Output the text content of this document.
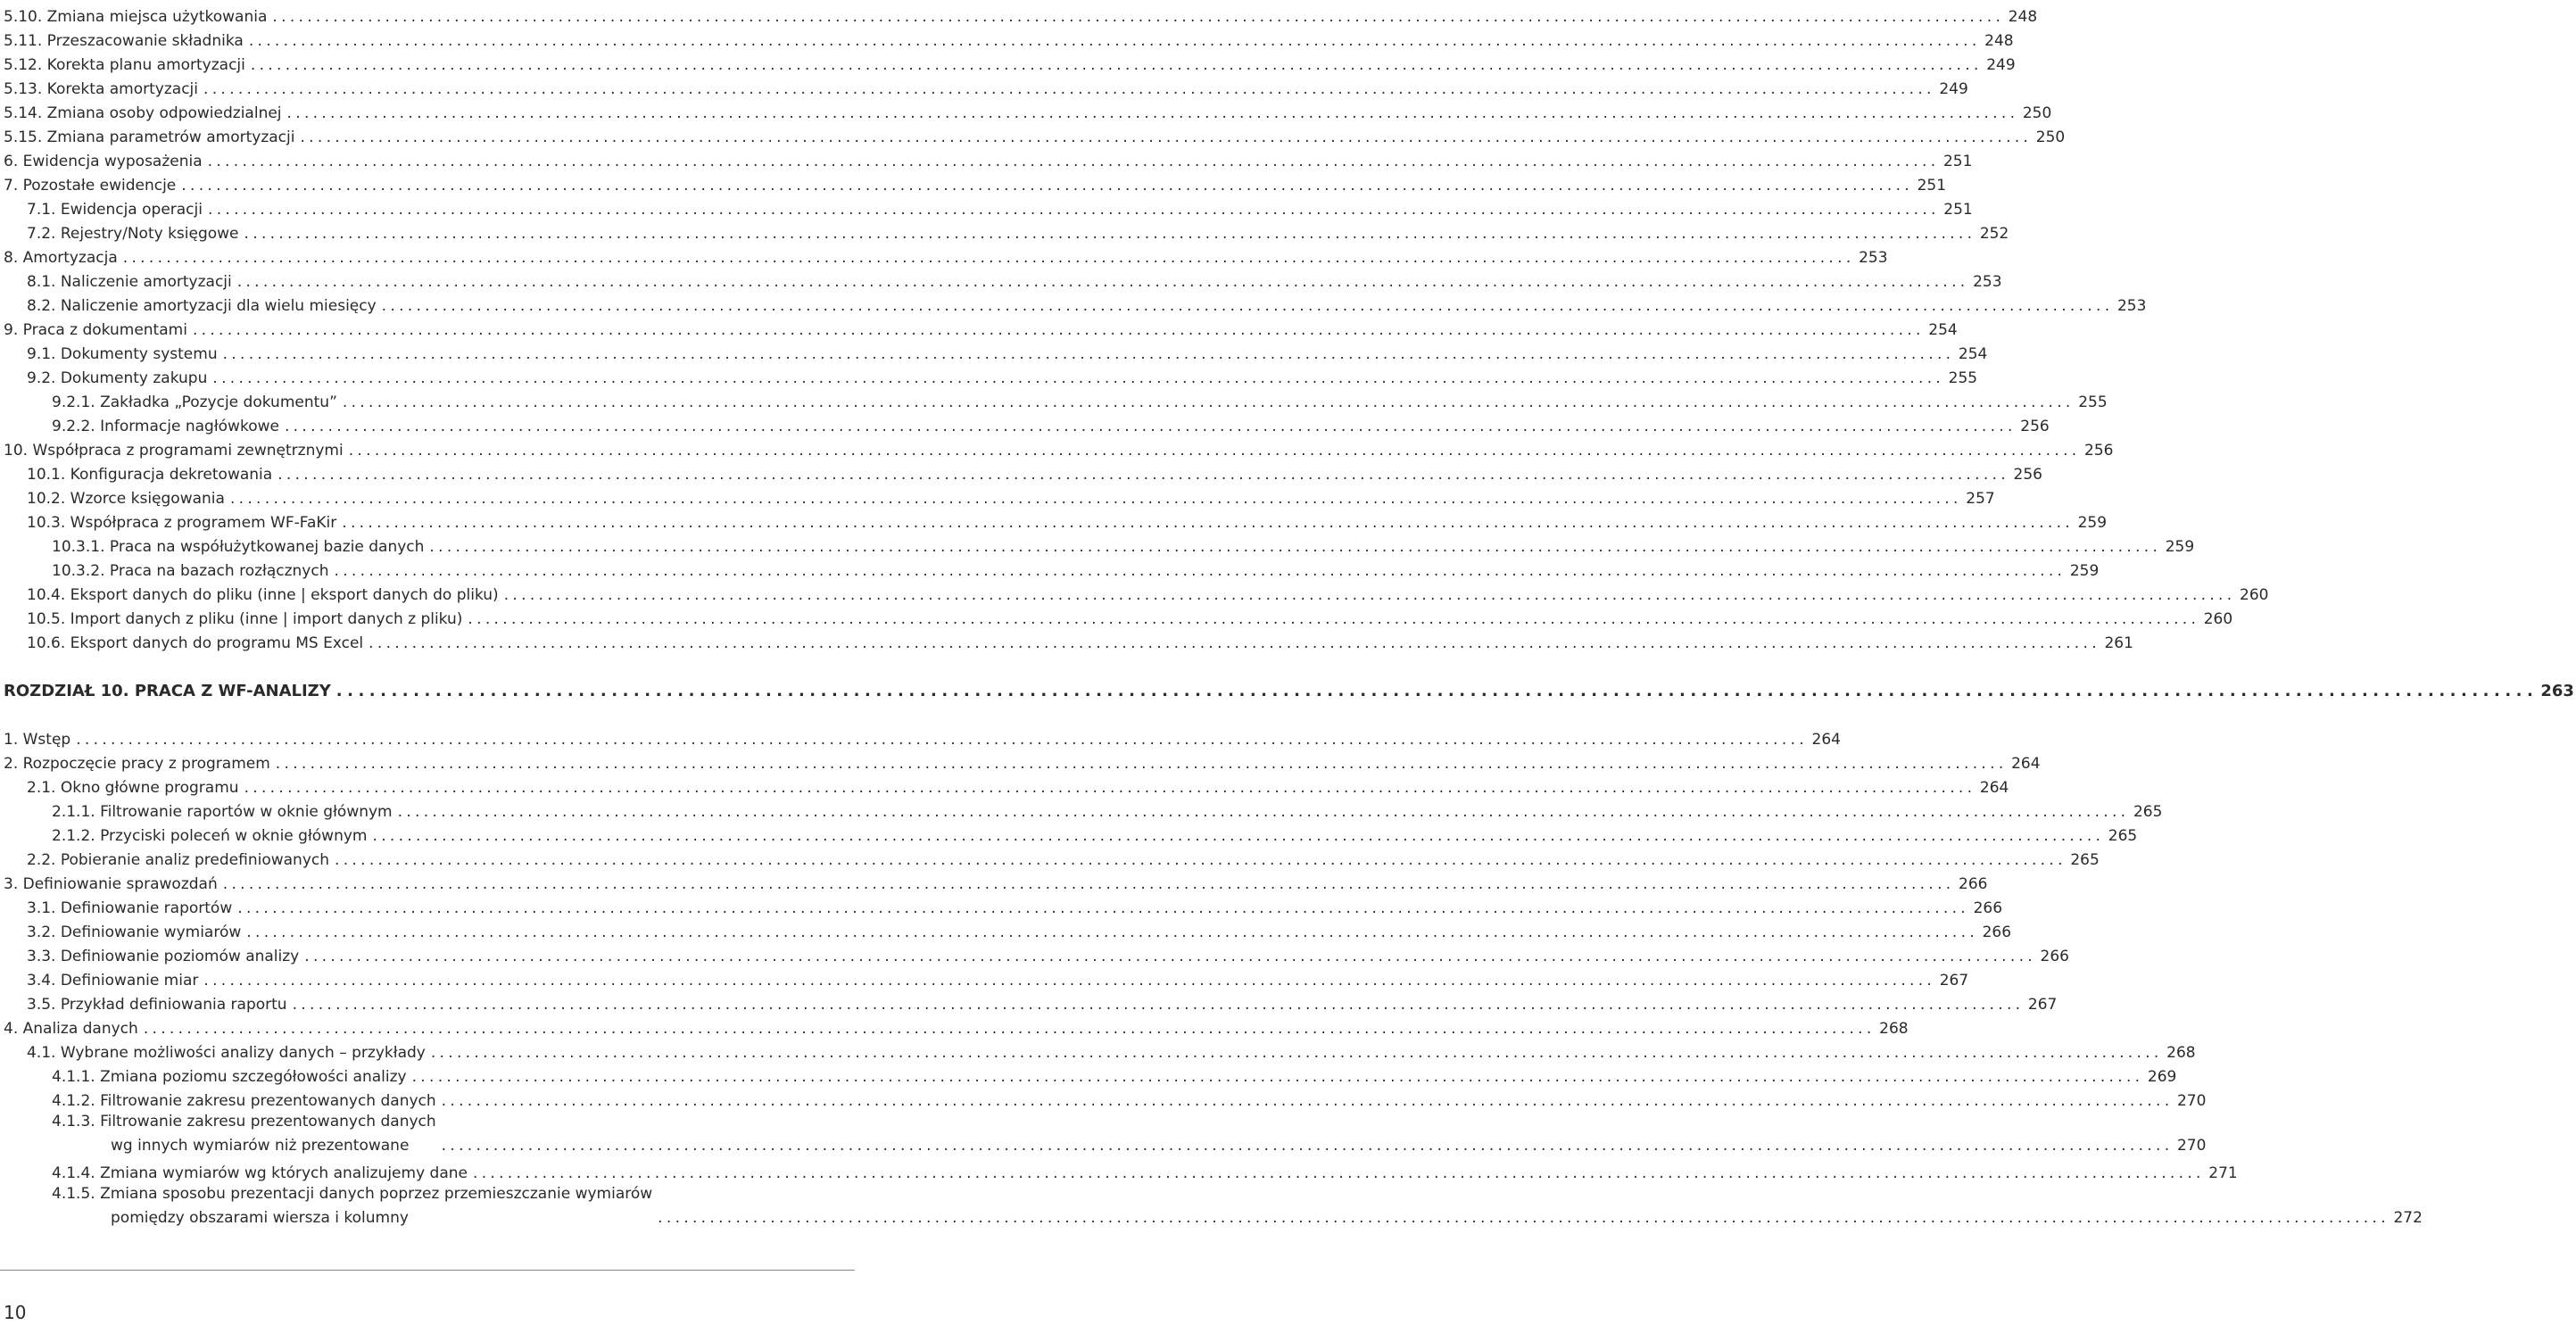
5.10. Zmiana miejsca użytkowania ........................................................................................................................................................................................................ 248
5.11. Przeszacowanie składnika ........................................................................................................................................................................................................ 248
5.12. Korekta planu amortyzacji ........................................................................................................................................................................................................ 249
5.13. Korekta amortyzacji ........................................................................................................................................................................................................ 249
5.14. Zmiana osoby odpowiedzialnej ........................................................................................................................................................................................................ 250
5.15. Zmiana parametrów amortyzacji ........................................................................................................................................................................................................ 250
6. Ewidencja wyposażenia ........................................................................................................................................................................................................ 251
7. Pozostałe ewidencje ........................................................................................................................................................................................................ 251
7.1. Ewidencja operacji ........................................................................................................................................................................................................ 251
7.2. Rejestry/Noty księgowe ........................................................................................................................................................................................................ 252
8. Amortyzacja ........................................................................................................................................................................................................ 253
8.1. Naliczenie amortyzacji ........................................................................................................................................................................................................ 253
8.2. Naliczenie amortyzacji dla wielu miesięcy ........................................................................................................................................................................................................ 253
9. Praca z dokumentami ........................................................................................................................................................................................................ 254
9.1. Dokumenty systemu ........................................................................................................................................................................................................ 254
9.2. Dokumenty zakupu ........................................................................................................................................................................................................ 255
9.2.1. Zakładka „Pozycje dokumentu” ........................................................................................................................................................................................................ 255
9.2.2. Informacje nagłówkowe ........................................................................................................................................................................................................ 256
10. Współpraca z programami zewnętrznymi ........................................................................................................................................................................................................ 256
10.1. Konfiguracja dekretowania ........................................................................................................................................................................................................ 256
10.2. Wzorce księgowania ........................................................................................................................................................................................................ 257
10.3. Współpraca z programem WF-FaKir ........................................................................................................................................................................................................ 259
10.3.1. Praca na współużytkowanej bazie danych ........................................................................................................................................................................................................ 259
10.3.2. Praca na bazach rozłącznych ........................................................................................................................................................................................................ 259
10.4. Eksport danych do pliku (inne | eksport danych do pliku) ........................................................................................................................................................................................................ 260
10.5. Import danych z pliku (inne | import danych z pliku) ........................................................................................................................................................................................................ 260
10.6. Eksport danych do programu MS Excel ........................................................................................................................................................................................................ 261
ROZDZIAŁ 10. PRACA Z WF-ANALIZY ........................................................................................................................................................................................................ 263
1. Wstęp ........................................................................................................................................................................................................ 264
2. Rozpoczęcie pracy z programem ........................................................................................................................................................................................................ 264
2.1. Okno główne programu ........................................................................................................................................................................................................ 264
2.1.1. Filtrowanie raportów w oknie głównym ........................................................................................................................................................................................................ 265
2.1.2. Przyciski poleceń w oknie głównym ........................................................................................................................................................................................................ 265
2.2. Pobieranie analiz predefiniowanych ........................................................................................................................................................................................................ 265
3. Definiowanie sprawozdań ........................................................................................................................................................................................................ 266
3.1. Definiowanie raportów ........................................................................................................................................................................................................ 266
3.2. Definiowanie wymiarów ........................................................................................................................................................................................................ 266
3.3. Definiowanie poziomów analizy ........................................................................................................................................................................................................ 266
3.4. Definiowanie miar ........................................................................................................................................................................................................ 267
3.5. Przykład definiowania raportu ........................................................................................................................................................................................................ 267
4. Analiza danych ........................................................................................................................................................................................................ 268
4.1. Wybrane możliwości analizy danych – przykłady ........................................................................................................................................................................................................ 268
4.1.1. Zmiana poziomu szczegółowości analizy ........................................................................................................................................................................................................ 269
4.1.2. Filtrowanie zakresu prezentowanych danych ........................................................................................................................................................................................................ 270
4.1.3. Filtrowanie zakresu prezentowanych danych
wg innych wymiarów niż prezentowane	........................................................................................................................................................................................................ 270
4.1.4. Zmiana wymiarów wg których analizujemy dane ........................................................................................................................................................................................................ 271
4.1.5. Zmiana sposobu prezentacji danych poprzez przemieszczanie wymiarów
pomiędzy obszarami wiersza i kolumny	........................................................................................................................................................................................................ 272
10
